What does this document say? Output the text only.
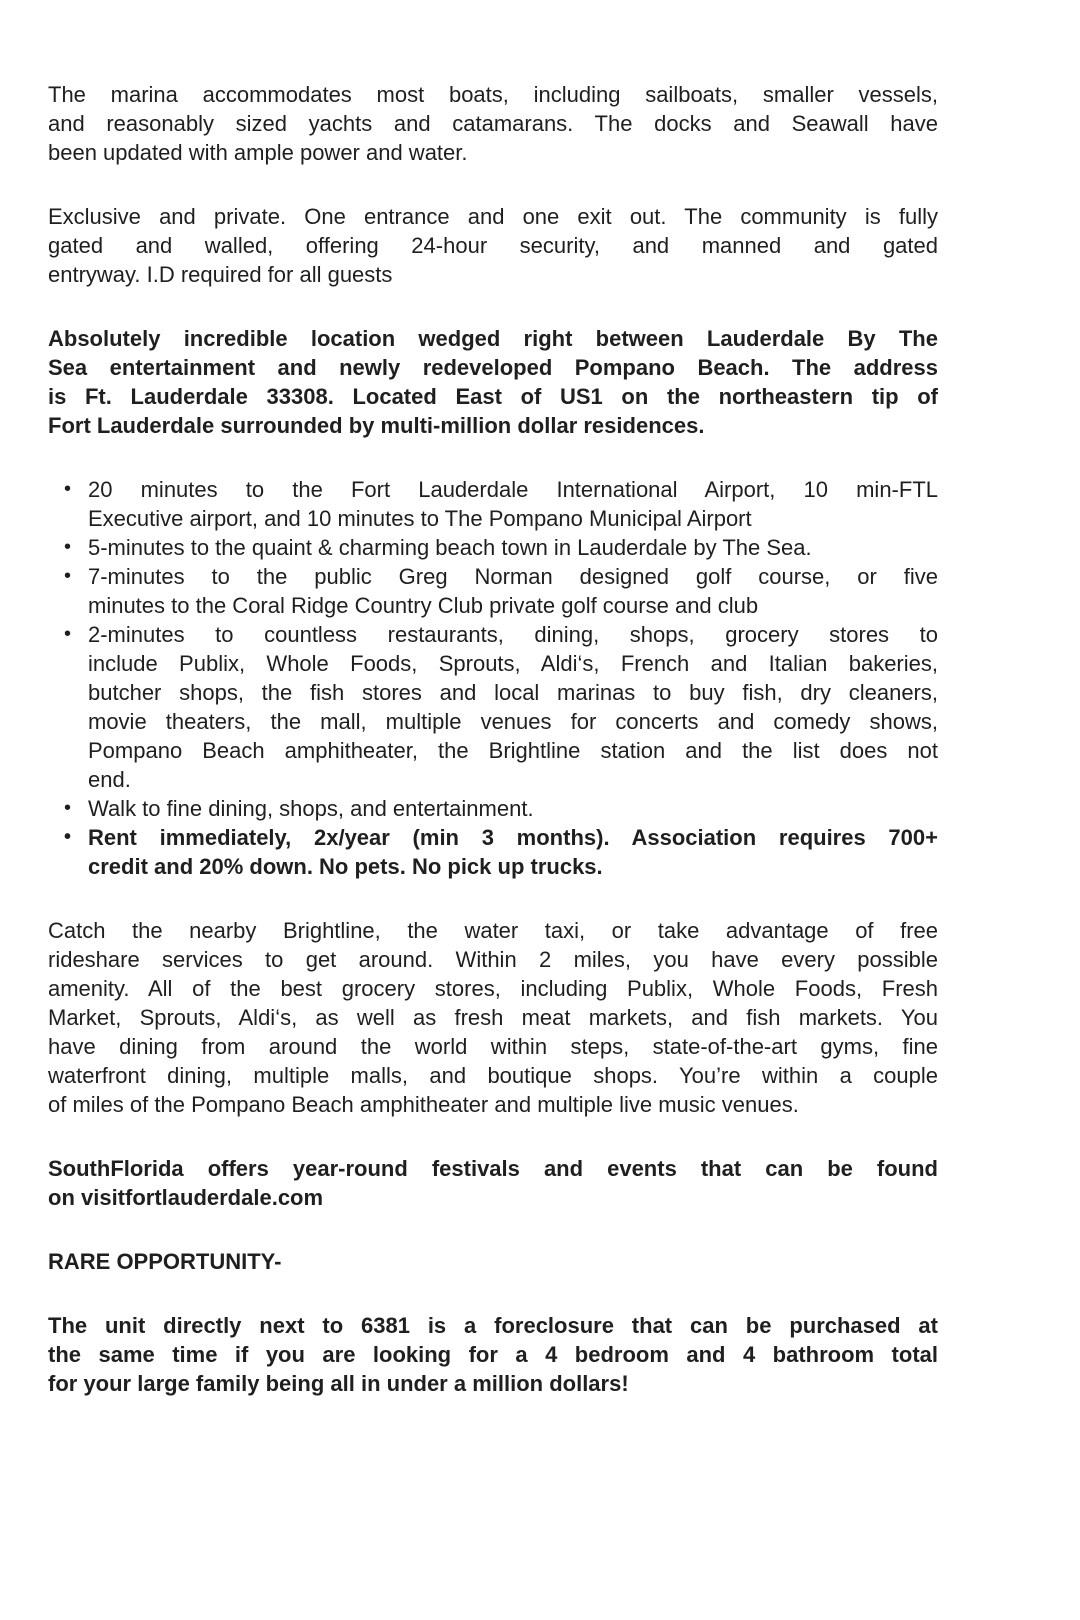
The marina accommodates most boats, including sailboats, smaller vessels,
and reasonably sized yachts and catamarans. The docks and Seawall have
been updated with ample power and water.
Exclusive and private. One entrance and one exit out. The community is fully
gated and walled, offering 24-hour security, and manned and gated
entryway. I.D required for all guests
Absolutely incredible location wedged right between Lauderdale By The
Sea entertainment and newly redeveloped Pompano Beach. The address
is Ft. Lauderdale 33308. Located East of US1 on the northeastern tip of
Fort Lauderdale surrounded by multi-million dollar residences.
• 20 minutes to the Fort Lauderdale International Airport, 10 min-FTL
Executive airport, and 10 minutes to The Pompano Municipal Airport
• 5-minutes to the quaint & charming beach town in Lauderdale by The Sea.
• 7-minutes to the public Greg Norman designed golf course, or five
minutes to the Coral Ridge Country Club private golf course and club
• 2-minutes to countless restaurants, dining, shops, grocery stores to
include Publix, Whole Foods, Sprouts, Aldi‘s, French and Italian bakeries,
butcher shops, the fish stores and local marinas to buy fish, dry cleaners,
movie theaters, the mall, multiple venues for concerts and comedy shows,
Pompano Beach amphitheater, the Brightline station and the list does not
end.
• Walk to fine dining, shops, and entertainment.
• Rent immediately, 2x/year (min 3 months). Association requires 700+
credit and 20% down. No pets. No pick up trucks.
Catch the nearby Brightline, the water taxi, or take advantage of free
rideshare services to get around. Within 2 miles, you have every possible
amenity. All of the best grocery stores, including Publix, Whole Foods, Fresh
Market, Sprouts, Aldi‘s, as well as fresh meat markets, and fish markets. You
have dining from around the world within steps, state-of-the-art gyms, fine
waterfront dining, multiple malls, and boutique shops. You’re within a couple
of miles of the Pompano Beach amphitheater and multiple live music venues.
SouthFlorida offers year-round festivals and events that can be found
on visitfortlauderdale.com
RARE OPPORTUNITY-
The unit directly next to 6381 is a foreclosure that can be purchased at
the same time if you are looking for a 4 bedroom and 4 bathroom total
for your large family being all in under a million dollars!
